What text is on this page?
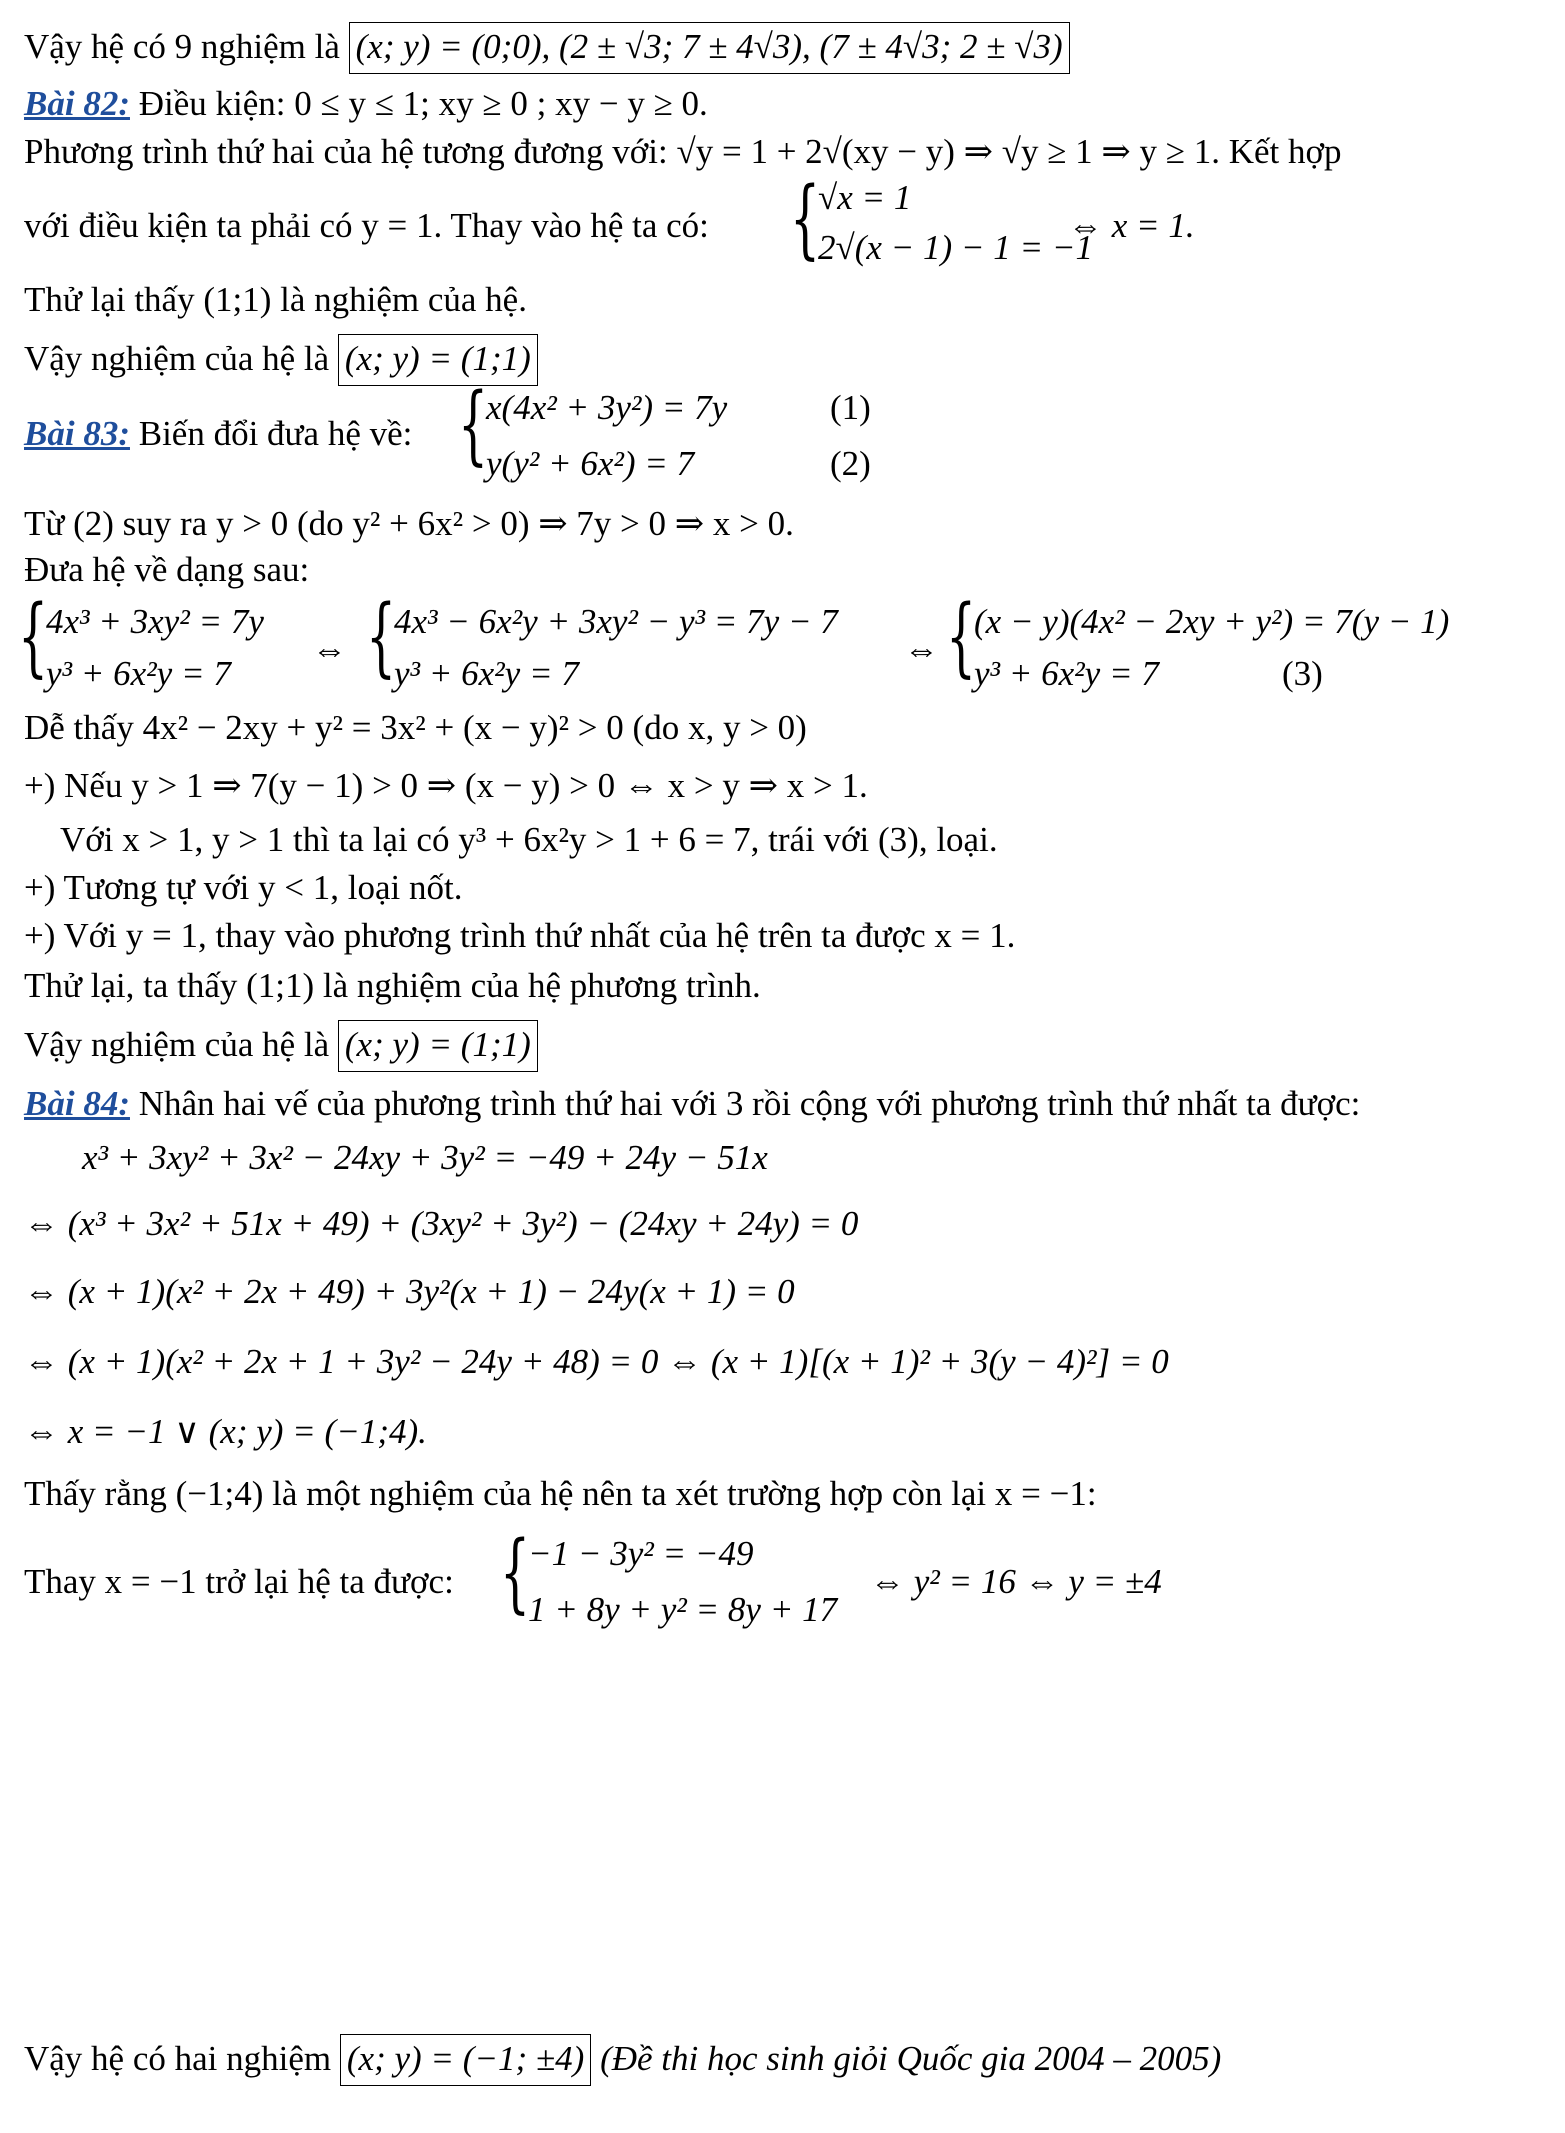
Vậy hệ có 9 nghiệm là (x; y) = (0;0), (2 ± √3; 7 ± 4√3), (7 ± 4√3; 2 ± √3)
Bài 82: Điều kiện: 0 ≤ y ≤ 1; xy ≥ 0 ; xy − y ≥ 0.
Phương trình thứ hai của hệ tương đương với: √y = 1 + 2√(xy − y) ⇒ √y ≥ 1 ⇒ y ≥ 1. Kết hợp
với điều kiện ta phải có y = 1. Thay vào hệ ta có: {
√x = 1
2√(x − 1) − 1 = −1
⇔ x = 1.
Thử lại thấy (1;1) là nghiệm của hệ.
Vậy nghiệm của hệ là (x; y) = (1;1)
Bài 83: Biến đổi đưa hệ về: {
x(4x² + 3y²) = 7y
y(y² + 6x²) = 7
(1)
(2)
Từ (2) suy ra y > 0 (do y² + 6x² > 0) ⇒ 7y > 0 ⇒ x > 0.
Đưa hệ về dạng sau:
{
4x³ + 3xy² = 7y
y³ + 6x²y = 7
⇔ {
4x³ − 6x²y + 3xy² − y³ = 7y − 7
y³ + 6x²y = 7
⇔ {
(x − y)(4x² − 2xy + y²) = 7(y − 1)
y³ + 6x²y = 7	(3)
Dễ thấy 4x² − 2xy + y² = 3x² + (x − y)² > 0 (do x, y > 0)
+) Nếu y > 1 ⇒ 7(y − 1) > 0 ⇒ (x − y) > 0 ⇔ x > y ⇒ x > 1.
Với x > 1, y > 1 thì ta lại có y³ + 6x²y > 1 + 6 = 7, trái với (3), loại.
+) Tương tự với y < 1, loại nốt.
+) Với y = 1, thay vào phương trình thứ nhất của hệ trên ta được x = 1.
Thử lại, ta thấy (1;1) là nghiệm của hệ phương trình.
Vậy nghiệm của hệ là (x; y) = (1;1)
Bài 84: Nhân hai vế của phương trình thứ hai với 3 rồi cộng với phương trình thứ nhất ta được:
x³ + 3xy² + 3x² − 24xy + 3y² = −49 + 24y − 51x
⇔ (x³ + 3x² + 51x + 49) + (3xy² + 3y²) − (24xy + 24y) = 0
⇔ (x + 1)(x² + 2x + 49) + 3y²(x + 1) − 24y(x + 1) = 0
⇔ (x + 1)(x² + 2x + 1 + 3y² − 24y + 48) = 0 ⇔ (x + 1)[(x + 1)² + 3(y − 4)²] = 0
⇔ x = −1 ∨ (x; y) = (−1;4).
Thấy rằng (−1;4) là một nghiệm của hệ nên ta xét trường hợp còn lại x = −1:
Thay x = −1 trở lại hệ ta được: {
−1 − 3y² = −49
1 + 8y + y² = 8y + 17
⇔ y² = 16 ⇔ y = ±4
Vậy hệ có hai nghiệm (x; y) = (−1; ±4) (Đề thi học sinh giỏi Quốc gia 2004 – 2005)
